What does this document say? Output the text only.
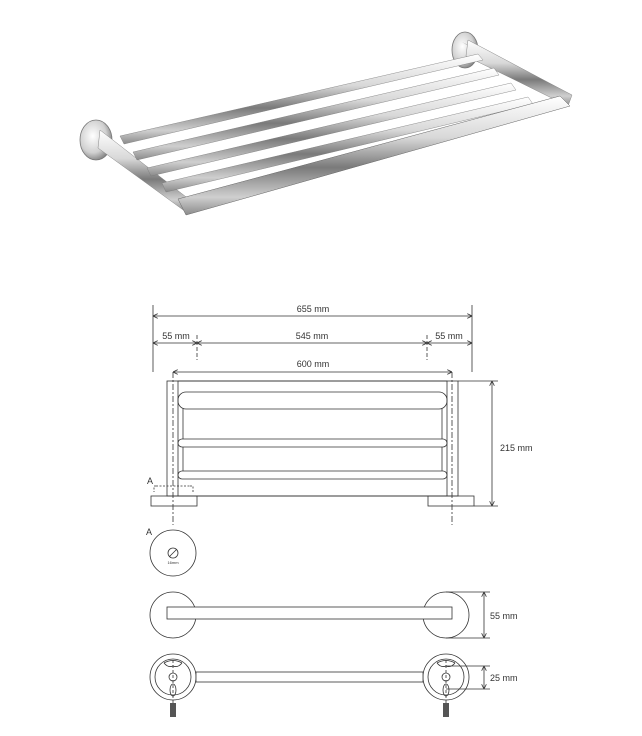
655 mm
55 mm	545 mm	55 mm
600 mm
215 mm
A
A
16mm
55 mm
25 mm
